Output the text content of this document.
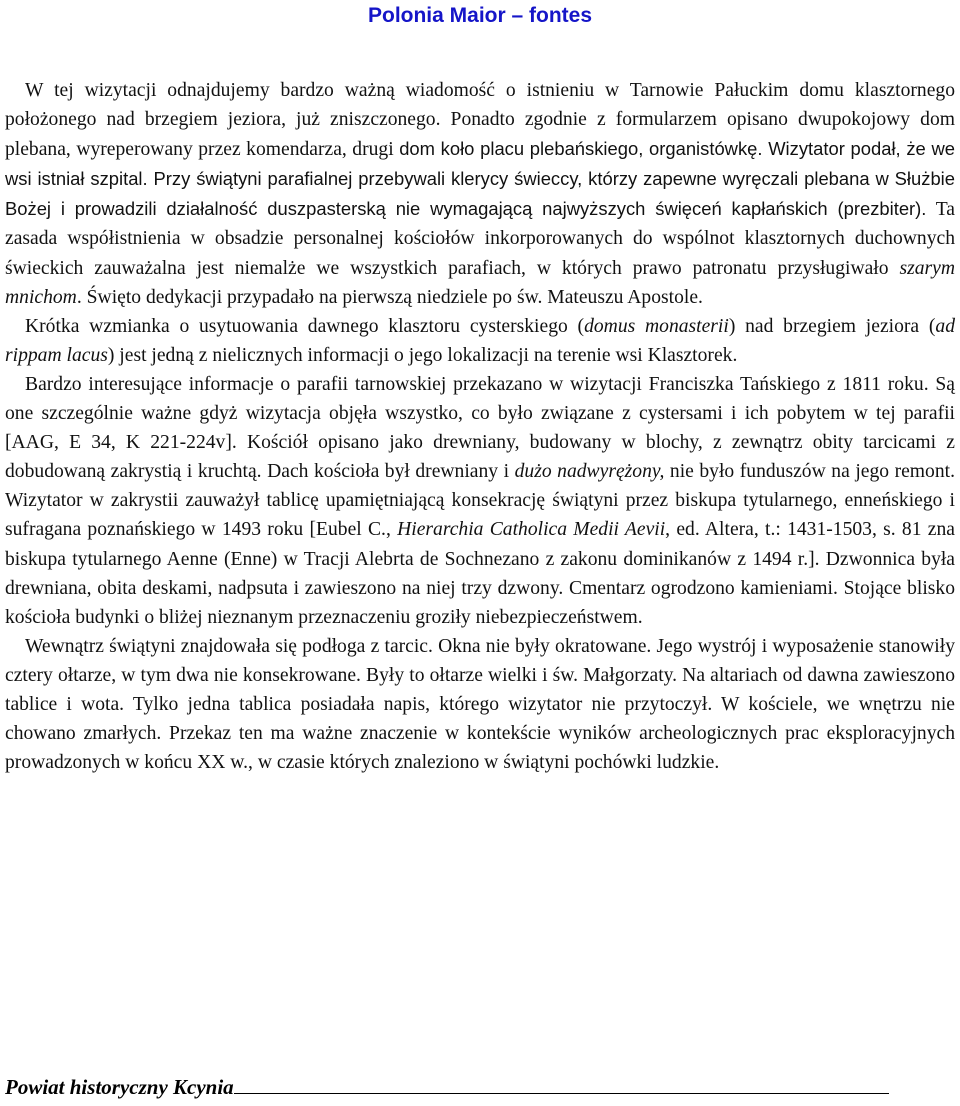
Polonia Maior – fontes

W tej wizytacji odnajdujemy bardzo ważną wiadomość o istnieniu w Tarnowie Pałuckim domu klasztornego położonego nad brzegiem jeziora, już zniszczonego. Ponadto zgodnie z formularzem opisano dwupokojowy dom plebana, wyreperowany przez komendarza, drugi dom koło placu plebańskiego, organistówkę. Wizytator podał, że we wsi istniał szpital. Przy świątyni parafialnej przebywali klerycy świeccy, którzy zapewne wyręczali plebana w Służbie Bożej i prowadzili działalność duszpasterską nie wymagającą najwyższych święceń kapłańskich (prezbiter). Ta zasada współistnienia w obsadzie personalnej kościołów inkorporowanych do wspólnot klasztornych duchownych świeckich zauważalna jest niemalże we wszystkich parafiach, w których prawo patronatu przysługiwało szarym mnichom. Święto dedykacji przypadało na pierwszą niedziele po św. Mateuszu Apostole.

Krótka wzmianka o usytuowania dawnego klasztoru cysterskiego (domus monasterii) nad brzegiem jeziora (ad rippam lacus) jest jedną z nielicznych informacji o jego lokalizacji na terenie wsi Klasztorek.

Bardzo interesujące informacje o parafii tarnowskiej przekazano w wizytacji Franciszka Tańskiego z 1811 roku. Są one szczególnie ważne gdyż wizytacja objęła wszystko, co było związane z cystersami i ich pobytem w tej parafii [AAG, E 34, K 221-224v]. Kościół opisano jako drewniany, budowany w blochy, z zewnątrz obity tarcicami z dobudowaną zakrystią i kruchtą. Dach kościoła był drewniany i dużo nadwyrężony, nie było funduszów na jego remont. Wizytator w zakrystii zauważył tablicę upamiętniającą konsekrację świątyni przez biskupa tytularnego, enneńskiego i sufragana poznańskiego w 1493 roku [Eubel C., Hierarchia Catholica Medii Aevii, ed. Altera, t.: 1431-1503, s. 81 zna biskupa tytularnego Aenne (Enne) w Tracji Alebrta de Sochnezano z zakonu dominikanów z 1494 r.]. Dzwonnica była drewniana, obita deskami, nadpsuta i zawieszono na niej trzy dzwony. Cmentarz ogrodzono kamieniami. Stojące blisko kościoła budynki o bliżej nieznanym przeznaczeniu groziły niebezpieczeństwem.

Wewnątrz świątyni znajdowała się podłoga z tarcic. Okna nie były okratowane. Jego wystrój i wyposażenie stanowiły cztery ołtarze, w tym dwa nie konsekrowane. Były to ołtarze wielki i św. Małgorzaty. Na altariach od dawna zawieszono tablice i wota. Tylko jedna tablica posiadała napis, którego wizytator nie przytoczył. W kościele, we wnętrzu nie chowano zmarłych. Przekaz ten ma ważne znaczenie w kontekście wyników archeologicznych prac eksploracyjnych prowadzonych w końcu XX w., w czasie których znaleziono w świątyni pochówki ludzkie.

Powiat historyczny Kcynia
